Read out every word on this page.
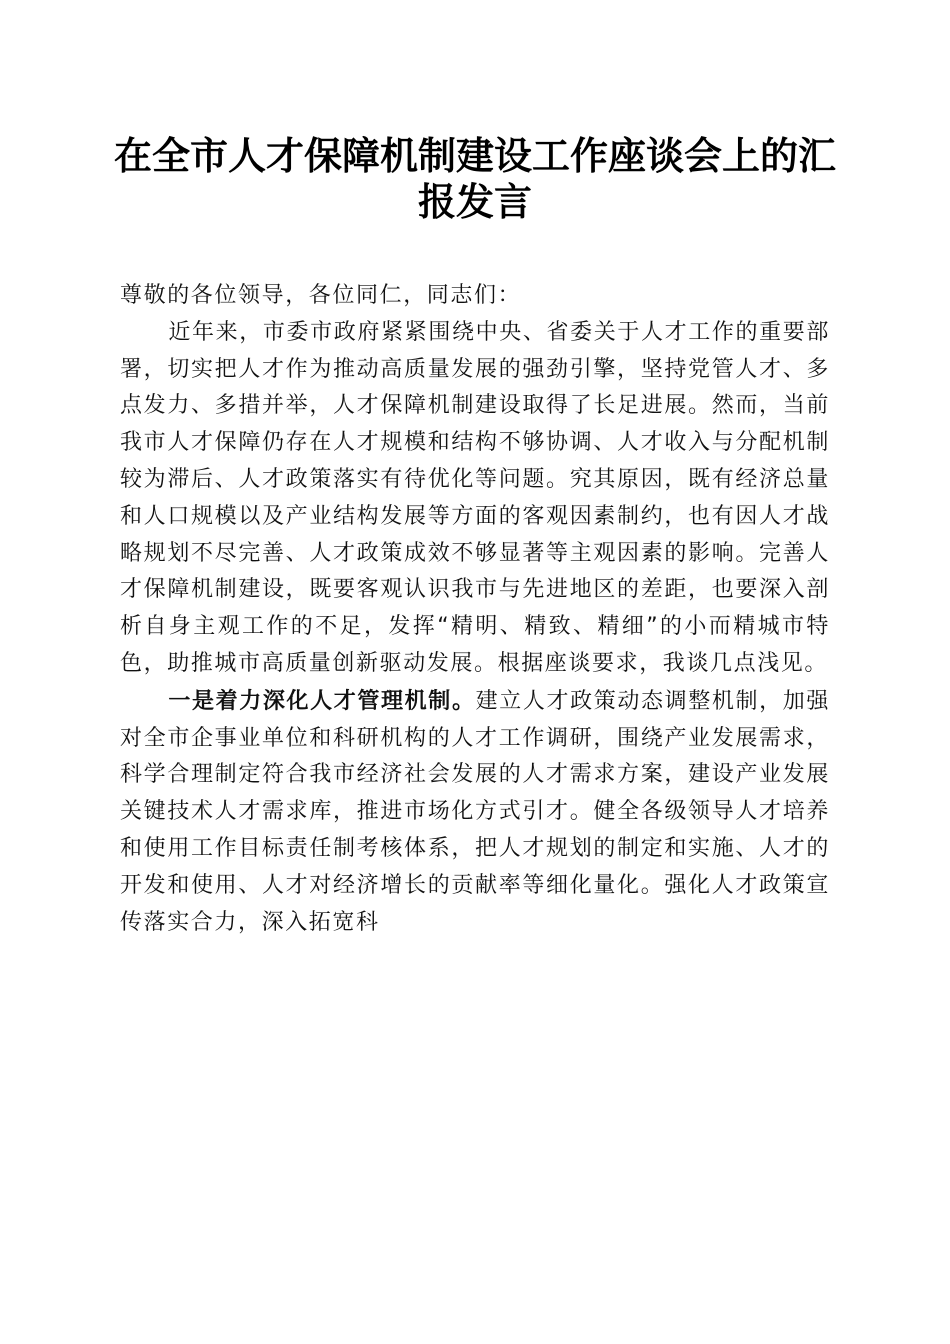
在全市人才保障机制建设工作座谈会上的汇报发言

尊敬的各位领导，各位同仁，同志们：

近年来，市委市政府紧紧围绕中央、省委关于人才工作的重要部署，切实把人才作为推动高质量发展的强劲引擎，坚持党管人才、多点发力、多措并举，人才保障机制建设取得了长足进展。然而，当前我市人才保障仍存在人才规模和结构不够协调、人才收入与分配机制较为滞后、人才政策落实有待优化等问题。究其原因，既有经济总量和人口规模以及产业结构发展等方面的客观因素制约，也有因人才战略规划不尽完善、人才政策成效不够显著等主观因素的影响。完善人才保障机制建设，既要客观认识我市与先进地区的差距，也要深入剖析自身主观工作的不足，发挥“精明、精致、精细”的小而精城市特色，助推城市高质量创新驱动发展。根据座谈要求，我谈几点浅见。

一是着力深化人才管理机制。建立人才政策动态调整机制，加强对全市企事业单位和科研机构的人才工作调研，围绕产业发展需求，科学合理制定符合我市经济社会发展的人才需求方案，建设产业发展关键技术人才需求库，推进市场化方式引才。健全各级领导人才培养和使用工作目标责任制考核体系，把人才规划的制定和实施、人才的开发和使用、人才对经济增长的贡献率等细化量化。强化人才政策宣传落实合力，深入拓宽科
